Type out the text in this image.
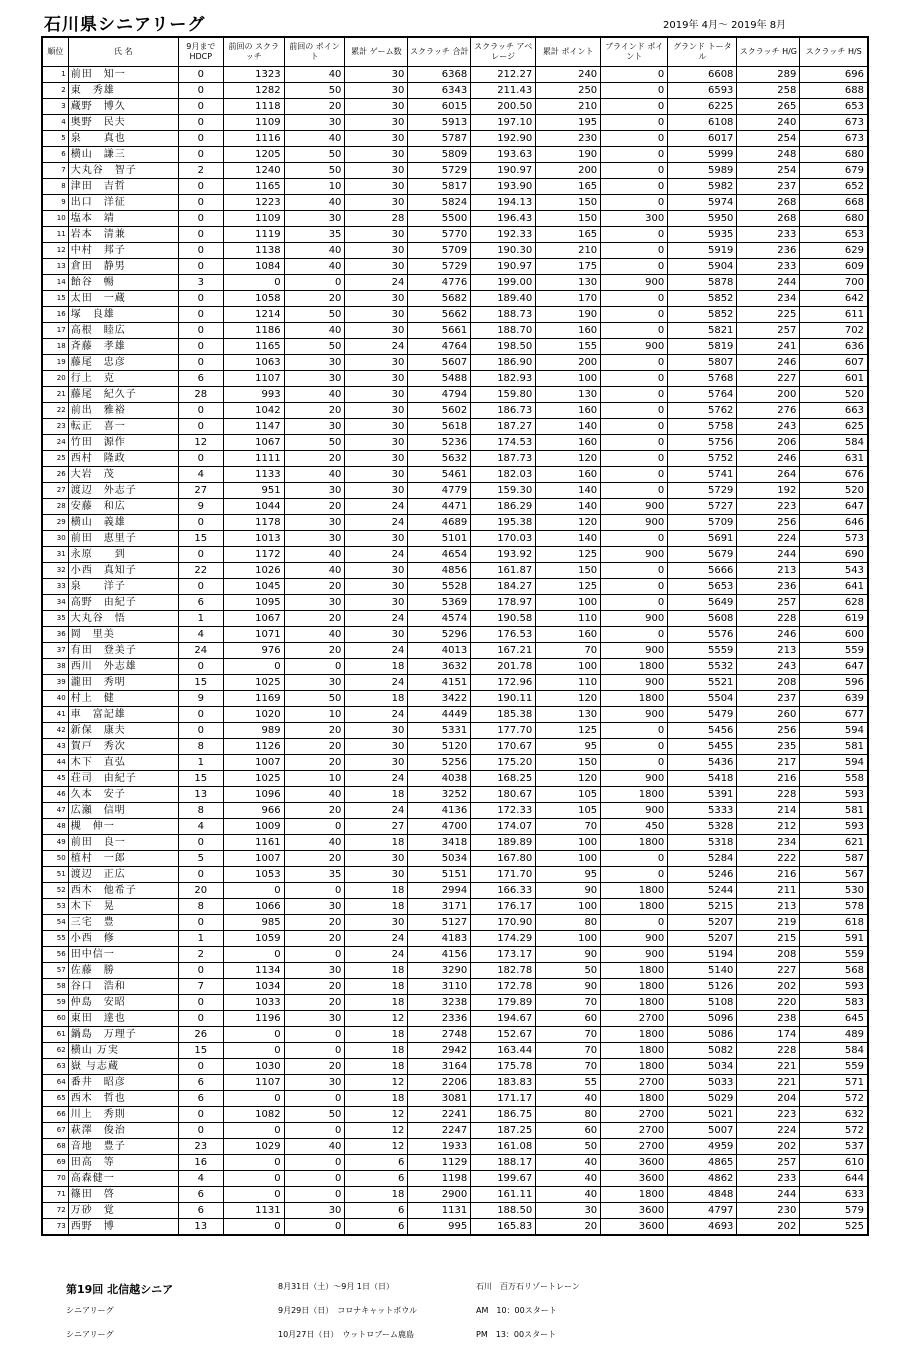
石川県シニアリーグ	2019年 4月～ 2019年 8月
順位	氏 名	9月まで HDCP	前回の スクラッチ	前回の ポイント	累計 ゲーム数	スクラッチ 合計	スクラッチ アベレージ	累計 ポイント	ブラインド ポイント	グランド トータル	スクラッチ H/G	スクラッチ H/S
1	前田　知一	0	1323	40	30	6368	212.27	240	0	6608	289	696
2	東　秀雄	0	1282	50	30	6343	211.43	250	0	6593	258	688
3	蔵野　博久	0	1118	20	30	6015	200.50	210	0	6225	265	653
4	奥野　民夫	0	1109	30	30	5913	197.10	195	0	6108	240	673
5	泉　　真也	0	1116	40	30	5787	192.90	230	0	6017	254	673
6	横山　謙三	0	1205	50	30	5809	193.63	190	0	5999	248	680
7	大丸谷　智子	2	1240	50	30	5729	190.97	200	0	5989	254	679
8	津田　吉哲	0	1165	10	30	5817	193.90	165	0	5982	237	652
9	出口　洋征	0	1223	40	30	5824	194.13	150	0	5974	268	668
10	塩本　靖	0	1109	30	28	5500	196.43	150	300	5950	268	680
11	岩本　清兼	0	1119	35	30	5770	192.33	165	0	5935	233	653
12	中村　邦子	0	1138	40	30	5709	190.30	210	0	5919	236	629
13	倉田　静男	0	1084	40	30	5729	190.97	175	0	5904	233	609
14	飴谷　暢	3	0	0	24	4776	199.00	130	900	5878	244	700
15	太田　一蔵	0	1058	20	30	5682	189.40	170	0	5852	234	642
16	塚　良雄	0	1214	50	30	5662	188.73	190	0	5852	225	611
17	高根　睦広	0	1186	40	30	5661	188.70	160	0	5821	257	702
18	斉藤　孝雄	0	1165	50	24	4764	198.50	155	900	5819	241	636
19	藤尾　忠彦	0	1063	30	30	5607	186.90	200	0	5807	246	607
20	行上　克	6	1107	30	30	5488	182.93	100	0	5768	227	601
21	藤尾　紀久子	28	993	40	30	4794	159.80	130	0	5764	200	520
22	前出　雅裕	0	1042	20	30	5602	186.73	160	0	5762	276	663
23	転正　喜一	0	1147	30	30	5618	187.27	140	0	5758	243	625
24	竹田　源作	12	1067	50	30	5236	174.53	160	0	5756	206	584
25	西村　隆政	0	1111	20	30	5632	187.73	120	0	5752	246	631
26	大岩　茂	4	1133	40	30	5461	182.03	160	0	5741	264	676
27	渡辺　外志子	27	951	30	30	4779	159.30	140	0	5729	192	520
28	安藤　和広	9	1044	20	24	4471	186.29	140	900	5727	223	647
29	横山　義雄	0	1178	30	24	4689	195.38	120	900	5709	256	646
30	前田　恵里子	15	1013	30	30	5101	170.03	140	0	5691	224	573
31	永原　　到	0	1172	40	24	4654	193.92	125	900	5679	244	690
32	小西　真知子	22	1026	40	30	4856	161.87	150	0	5666	213	543
33	泉　　洋子	0	1045	20	30	5528	184.27	125	0	5653	236	641
34	高野　由紀子	6	1095	30	30	5369	178.97	100	0	5649	257	628
35	大丸谷　悟	1	1067	20	24	4574	190.58	110	900	5608	228	619
36	岡　里美	4	1071	40	30	5296	176.53	160	0	5576	246	600
37	有田　登美子	24	976	20	24	4013	167.21	70	900	5559	213	559
38	西川　外志雄	0	0	0	18	3632	201.78	100	1800	5532	243	647
39	瀧田　秀明	15	1025	30	24	4151	172.96	110	900	5521	208	596
40	村上　健	9	1169	50	18	3422	190.11	120	1800	5504	237	639
41	車　富記雄	0	1020	10	24	4449	185.38	130	900	5479	260	677
42	新保　康夫	0	989	20	30	5331	177.70	125	0	5456	256	594
43	賀戸　秀次	8	1126	20	30	5120	170.67	95	0	5455	235	581
44	木下　直弘	1	1007	20	30	5256	175.20	150	0	5436	217	594
45	荘司　由紀子	15	1025	10	24	4038	168.25	120	900	5418	216	558
46	久本　安子	13	1096	40	18	3252	180.67	105	1800	5391	228	593
47	広瀬　信明	8	966	20	24	4136	172.33	105	900	5333	214	581
48	槻　伸一	4	1009	0	27	4700	174.07	70	450	5328	212	593
49	前田　良一	0	1161	40	18	3418	189.89	100	1800	5318	234	621
50	植村　一郎	5	1007	20	30	5034	167.80	100	0	5284	222	587
51	渡辺　正広	0	1053	35	30	5151	171.70	95	0	5246	216	567
52	西木　他希子	20	0	0	18	2994	166.33	90	1800	5244	211	530
53	木下　晃	8	1066	30	18	3171	176.17	100	1800	5215	213	578
54	三宅　豊	0	985	20	30	5127	170.90	80	0	5207	219	618
55	小西　修	1	1059	20	24	4183	174.29	100	900	5207	215	591
56	田中信一	2	0	0	24	4156	173.17	90	900	5194	208	559
57	佐藤　勝	0	1134	30	18	3290	182.78	50	1800	5140	227	568
58	谷口　浩和	7	1034	20	18	3110	172.78	90	1800	5126	202	593
59	仲島　安昭	0	1033	20	18	3238	179.89	70	1800	5108	220	583
60	東田　達也	0	1196	30	12	2336	194.67	60	2700	5096	238	645
61	鍋島　万理子	26	0	0	18	2748	152.67	70	1800	5086	174	489
62	横山 万実	15	0	0	18	2942	163.44	70	1800	5082	228	584
63	嶽 与志蔵	0	1030	20	18	3164	175.78	70	1800	5034	221	559
64	番井　昭彦	6	1107	30	12	2206	183.83	55	2700	5033	221	571
65	西木　哲也	6	0	0	18	3081	171.17	40	1800	5029	204	572
66	川上　秀則	0	1082	50	12	2241	186.75	80	2700	5021	223	632
67	萩澤　俊治	0	0	0	12	2247	187.25	60	2700	5007	224	572
68	音地　豊子	23	1029	40	12	1933	161.08	50	2700	4959	202	537
69	田高　等	16	0	0	6	1129	188.17	40	3600	4865	257	610
70	高森健一	4	0	0	6	1198	199.67	40	3600	4862	233	644
71	篠田　啓	6	0	0	18	2900	161.11	40	1800	4848	244	633
72	万砂　覚	6	1131	30	6	1131	188.50	30	3600	4797	230	579
73	西野　博	13	0	0	6	995	165.83	20	3600	4693	202	525
第19回 北信越シニア	8月31日（土）～9月 1日（日）	石川　百万石リゾートレーン
シニアリーグ	9月29日（日）　コロナキャットボウル	AM　10：00スタート
シニアリーグ	10月27日（日）　ウットロブーム鹿島	PM　13：00スタート
